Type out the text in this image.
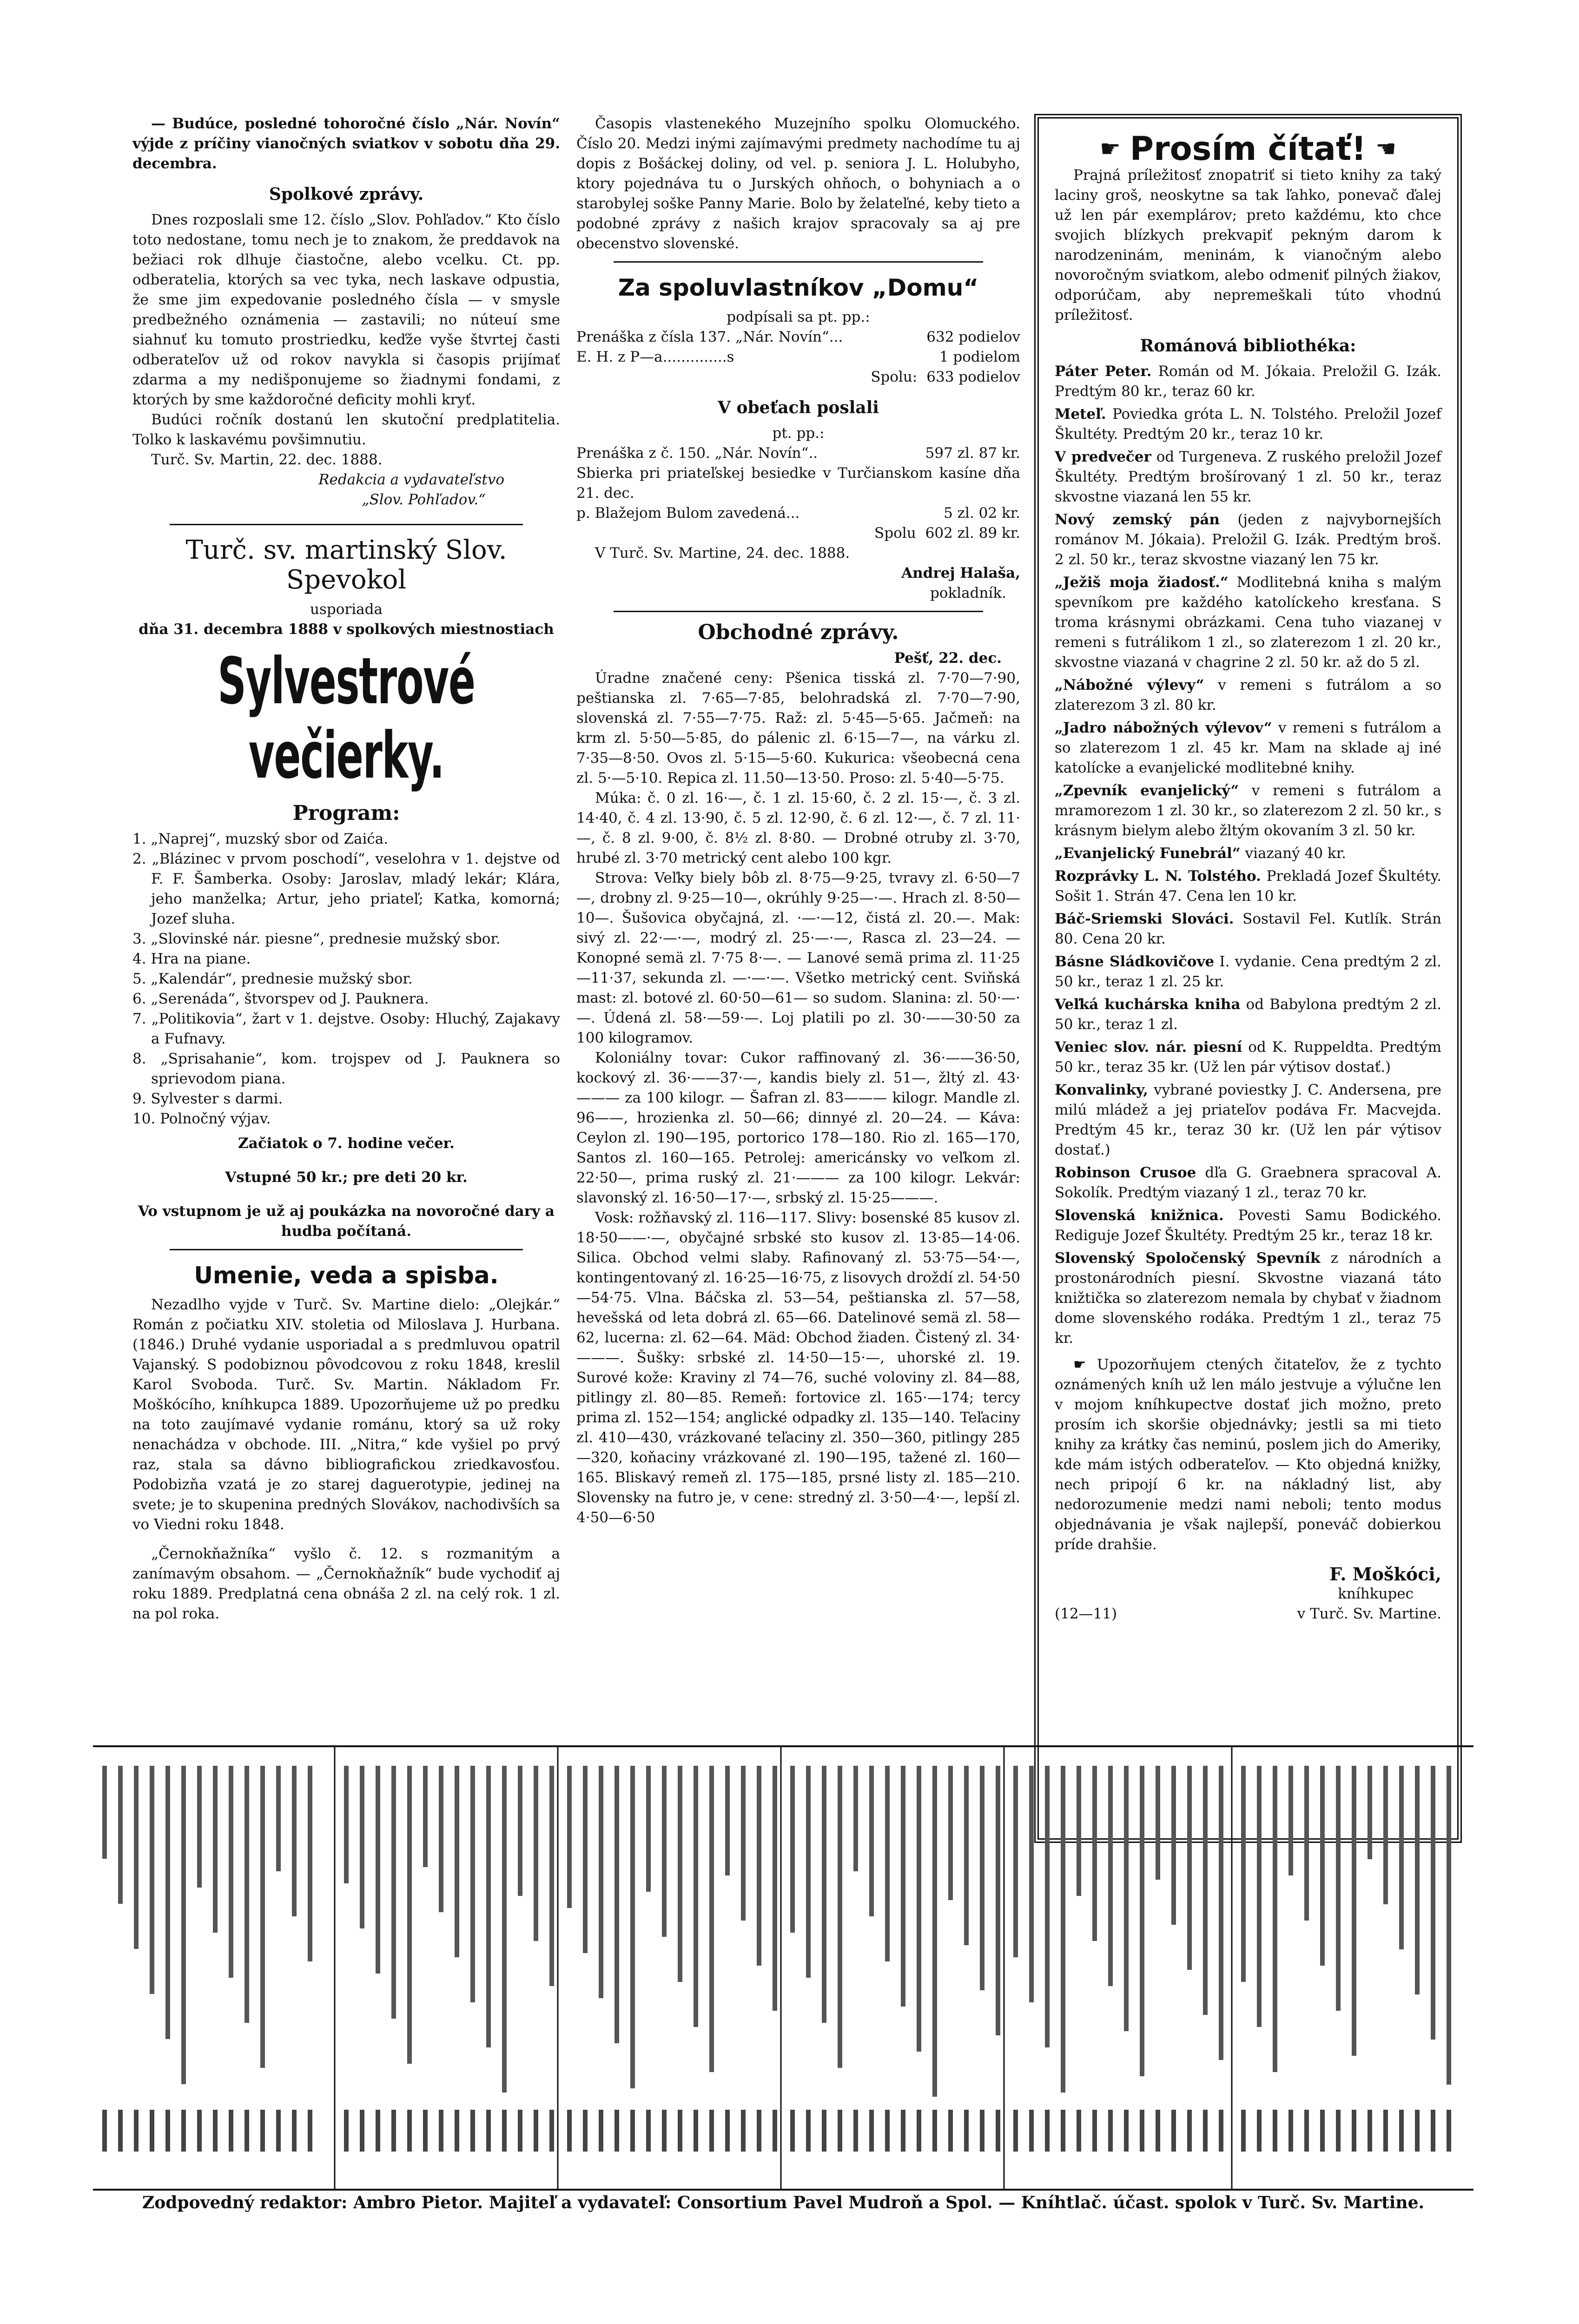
— Budúce, posledné tohoročné číslo „Nár. Novín“ výjde z príčiny vianočných sviatkov v sobotu dňa 29. decembra.

Spolkové zprávy.

Dnes rozposlali sme 12. číslo „Slov. Pohľadov.“ Kto číslo toto nedostane, tomu nech je to znakom, že preddavok na bežiaci rok dlhuje čiastočne, alebo vcelku. Ct. pp. odberatelia, ktorých sa vec tyka, nech laskave odpustia, že sme jim expedovanie posledného čísla — v smysle predbežného oznámenia — zastavili; no núteuí sme siahnuť ku tomuto prostriedku, keďže vyše štvrtej časti odberateľov už od rokov navykla si časopis prijímať zdarma a my nedišponujeme so žiadnymi fondami, z ktorých by sme každoročné deficity mohli kryť.

Budúci ročník dostanú len skutoční predplatitelia. Tolko k laskavému povšimnutiu.

Turč. Sv. Martin, 22. dec. 1888.

Redakcia a vydavateľstvo

„Slov. Pohľadov.“

Turč. sv. martinský Slov. Spevokol

usporiada

dňa 31. decembra 1888 v spolkových miestnostiach

Sylvestrové večierky.
Program:
1. „Naprej“, muzský sbor od Zaića.
2. „Blázinec v prvom poschodí“, veselohra v 1. dejstve od F. F. Šamberka. Osoby: Jaroslav, mladý lekár; Klára, jeho manželka; Artur, jeho priateľ; Katka, komorná; Jozef sluha.
3. „Slovinské nár. piesne“, prednesie mužský sbor.
4. Hra na piane.
5. „Kalendár“, prednesie mužský sbor.
6. „Serenáda“, štvorspev od J. Pauknera.
7. „Politikovia“, žart v 1. dejstve. Osoby: Hluchý, Zajakavy a Fufnavy.
8. „Sprisahanie“, kom. trojspev od J. Pauknera so sprievodom piana.
9. Sylvester s darmi.
10. Polnočný výjav.

Začiatok o 7. hodine večer.

Vstupné 50 kr.; pre deti 20 kr.

Vo vstupnom je už aj poukázka na novoročné dary a hudba počítaná.

Umenie, veda a spisba.

Nezadlho vyjde v Turč. Sv. Martine dielo: „Olejkár.“ Román z počiatku XIV. stoletia od Miloslava J. Hurbana. (1846.) Druhé vydanie usporiadal a s predmluvou opatril Vajanský. S podobiznou pôvodcovou z roku 1848, kreslil Karol Svoboda. Turč. Sv. Martin. Nákladom Fr. Moškócího, kníhkupca 1889. Upozorňujeme už po predku na toto zaujímavé vydanie románu, ktorý sa už roky nenachádza v obchode. III. „Nitra,“ kde vyšiel po prvý raz, stala sa dávno bibliografickou zriedkavosťou. Podobizňa vzatá je zo starej daguerotypie, jedinej na svete; je to skupenina predných Slovákov, nachodivších sa vo Viedni roku 1848.

„Černokňažníka“ vyšlo č. 12. s rozmanitým a zanímavým obsahom. — „Černokňažník“ bude vychodiť aj roku 1889. Predplatná cena obnáša 2 zl. na celý rok. 1 zl. na pol roka.

Časopis vlastenekého Muzejního spolku Olomuckého. Číslo 20. Medzi inými zajímavými predmety nachodíme tu aj dopis z Bošáckej doliny, od vel. p. seniora J. L. Holubyho, ktory pojednáva tu o Jurských ohňoch, o bohyniach a o starobylej soške Panny Marie. Bolo by želateľné, keby tieto a podobné zprávy z našich krajov spracovaly sa aj pre obecenstvo slovenské.

Za spoluvlastníkov „Domu“

podpísali sa pt. pp.:

Prenáška z čísla 137. „Nár. Novín“...	632 podielov
E. H. z P—a..............s	1 podielom
Spolu: 633 podielov
V obeťach poslali

pt. pp.:

Prenáška z č. 150. „Nár. Novín“..	597 zl. 87 kr.
Sbierka pri priateľskej besiedke v Turčianskom kasíne dňa 21. dec.
p. Blažejom Bulom zavedená...	5 zl. 02 kr.
Spolu 602 zl. 89 kr.

V Turč. Sv. Martine, 24. dec. 1888.

Andrej Halaša,

pokladník.

Obchodné zprávy.

Pešť, 22. dec.

Úradne značené ceny: Pšenica tisská zl. 7·70—7·90, peštianska zl. 7·65—7·85, belohradská zl. 7·70—7·90, slovenská zl. 7·55—7·75. Raž: zl. 5·45—5·65. Jačmeň: na krm zl. 5·50—5·85, do pálenic zl. 6·15—7—, na várku zl. 7·35—8·50. Ovos zl. 5·15—5·60. Kukurica: všeobecná cena zl. 5·—5·10. Repica zl. 11.50—13·50. Proso: zl. 5·40—5·75.

Múka: č. 0 zl. 16·—, č. 1 zl. 15·60, č. 2 zl. 15·—, č. 3 zl. 14·40, č. 4 zl. 13·90, č. 5 zl. 12·90, č. 6 zl. 12·—, č. 7 zl. 11·—, č. 8 zl. 9·00, č. 8½ zl. 8·80. — Drobné otruby zl. 3·70, hrubé zl. 3·70 metrický cent alebo 100 kgr.

Strova: Veľky biely bôb zl. 8·75—9·25, tvravy zl. 6·50—7—, drobny zl. 9·25—10—, okrúhly 9·25—·—. Hrach zl. 8·50—10—. Šušovica obyčajná, zl. ·—·—12, čistá zl. 20.—. Mak: sivý zl. 22·—·—, modrý zl. 25·—·—, Rasca zl. 23—24. — Konopné semä zl. 7·75 8·—. — Lanové semä prima zl. 11·25—11·37, sekunda zl. —·—·—. Všetko metrický cent. Sviňská mast: zl. botové zl. 60·50—61— so sudom. Slanina: zl. 50·—·—. Údená zl. 58·—59·—. Loj platili po zl. 30·——30·50 za 100 kilogramov.

Koloniálny tovar: Cukor raffinovaný zl. 36·——36·50, kockový zl. 36·——37·—, kandis biely zl. 51—, žltý zl. 43·——— za 100 kilogr. — Šafran zl. 83——— kilogr. Mandle zl. 96——, hrozienka zl. 50—66; dinnyé zl. 20—24. — Káva: Ceylon zl. 190—195, portorico 178—180. Rio zl. 165—170, Santos zl. 160—165. Petrolej: americánsky vo veľkom zl. 22·50—, prima ruský zl. 21·——— za 100 kilogr. Lekvár: slavonský zl. 16·50—17·—, srbský zl. 15·25———.

Vosk: rožňavský zl. 116—117. Slivy: bosenské 85 kusov zl. 18·50——·—, obyčajné srbské sto kusov zl. 13·85—14·06. Silica. Obchod velmi slaby. Rafinovaný zl. 53·75—54·—, kontingentovaný zl. 16·25—16·75, z lisovych droždí zl. 54·50—54·75. Vlna. Báčska zl. 53—54, peštianska zl. 57—58, hevešská od leta dobrá zl. 65—66. Datelinové semä zl. 58—62, lucerna: zl. 62—64. Mäd: Obchod žiaden. Čistený zl. 34·———. Šušky: srbské zl. 14·50—15·—, uhorské zl. 19. Surové kože: Kraviny zl 74—76, suché voloviny zl. 84—88, pitlingy zl. 80—85. Remeň: fortovice zl. 165·—174; tercy prima zl. 152—154; anglické odpadky zl. 135—140. Teľaciny zl. 410—430, vrázkované teľaciny zl. 350—360, pitlingy 285—320, koňaciny vrázkované zl. 190—195, tažené zl. 160—165. Bliskavý remeň zl. 175—185, prsné listy zl. 185—210. Slovensky na futro je, v cene: stredný zl. 3·50—4·—, lepší zl. 4·50—6·50

☛ Prosím čítať! ☚

Prajná príležitosť znopatriť si tieto knihy za taký laciny groš, neoskytne sa tak ľahko, ponevač ďalej už len pár exemplárov; preto každému, kto chce svojich blízkych prekvapiť pekným darom k narodzeninám, meninám, k vianočným alebo novoročným sviatkom, alebo odmeniť pilných žiakov, odporúčam, aby nepremeškali túto vhodnú príležitosť.

Románová bibliothéka:

Páter Peter. Román od M. Jókaia. Preložil G. Izák. Predtým 80 kr., teraz 60 kr.

Meteľ. Poviedka gróta L. N. Tolstého. Preložil Jozef Škultéty. Predtým 20 kr., teraz 10 kr.

V predvečer od Turgeneva. Z ruského preložil Jozef Škultéty. Predtým brošírovaný 1 zl. 50 kr., teraz skvostne viazaná len 55 kr.

Nový zemský pán (jeden z najvybornejších románov M. Jókaia). Preložil G. Izák. Predtým broš. 2 zl. 50 kr., teraz skvostne viazaný len 75 kr.

„Ježiš moja žiadosť.“ Modlitebná kniha s malým spevníkom pre každého katolíckeho kresťana. S troma krásnymi obrázkami. Cena tuho viazanej v remeni s futrálikom 1 zl., so zlaterezom 1 zl. 20 kr., skvostne viazaná v chagrine 2 zl. 50 kr. až do 5 zl.

„Nábožné výlevy“ v remeni s futrálom a so zlaterezom 3 zl. 80 kr.

„Jadro nábožných výlevov“ v remeni s futrálom a so zlaterezom 1 zl. 45 kr. Mam na sklade aj iné katolícke a evanjelické modlitebné knihy.

„Zpevník evanjelický“ v remeni s futrálom a mramorezom 1 zl. 30 kr., so zlaterezom 2 zl. 50 kr., s krásnym bielym alebo žltým okovaním 3 zl. 50 kr.

„Evanjelický Funebrál“ viazaný 40 kr.

Rozprávky L. N. Tolstého. Prekladá Jozef Škultéty. Sošit 1. Strán 47. Cena len 10 kr.

Báč-Sriemski Slováci. Sostavil Fel. Kutlík. Strán 80. Cena 20 kr.

Básne Sládkovičove I. vydanie. Cena predtým 2 zl. 50 kr., teraz 1 zl. 25 kr.

Veľká kuchárska kniha od Babylona predtým 2 zl. 50 kr., teraz 1 zl.

Veniec slov. nár. piesní od K. Ruppeldta. Predtým 50 kr., teraz 35 kr. (Už len pár výtisov dostať.)

Konvalinky, vybrané poviestky J. C. Andersena, pre milú mládež a jej priateľov podáva Fr. Macvejda. Predtým 45 kr., teraz 30 kr. (Už len pár výtisov dostať.)

Robinson Crusoe dľa G. Graebnera spracoval A. Sokolík. Predtým viazaný 1 zl., teraz 70 kr.

Slovenská knižnica. Povesti Samu Bodického. Rediguje Jozef Škultéty. Predtým 25 kr., teraz 18 kr.

Slovenský Spoločenský Spevník z národních a prostonárodních piesní. Skvostne viazaná táto knižtička so zlaterezom nemala by chybať v žiadnom dome slovenského rodáka. Predtým 1 zl., teraz 75 kr.

☛ Upozorňujem ctených čitateľov, že z tychto oznámených kníh už len málo jestvuje a výlučne len v mojom kníhkupectve dostať jich možno, preto prosím ich skoršie objednávky; jestli sa mi tieto knihy za krátky čas neminú, poslem jich do Ameriky, kde mám istých odberateľov. — Kto objedná knižky, nech pripojí 6 kr. na nákladný list, aby nedorozumenie medzi nami neboli; tento modus objednávania je však najlepší, poneváč dobierkou príde drahšie.

F. Moškóci,

kníhkupec

(12—11)	v Turč. Sv. Martine.
Zodpovedný redaktor: Ambro Pietor. Majiteľ a vydavateľ: Consortium Pavel Mudroň a Spol. — Kníhtlač. účast. spolok v Turč. Sv. Martine.
